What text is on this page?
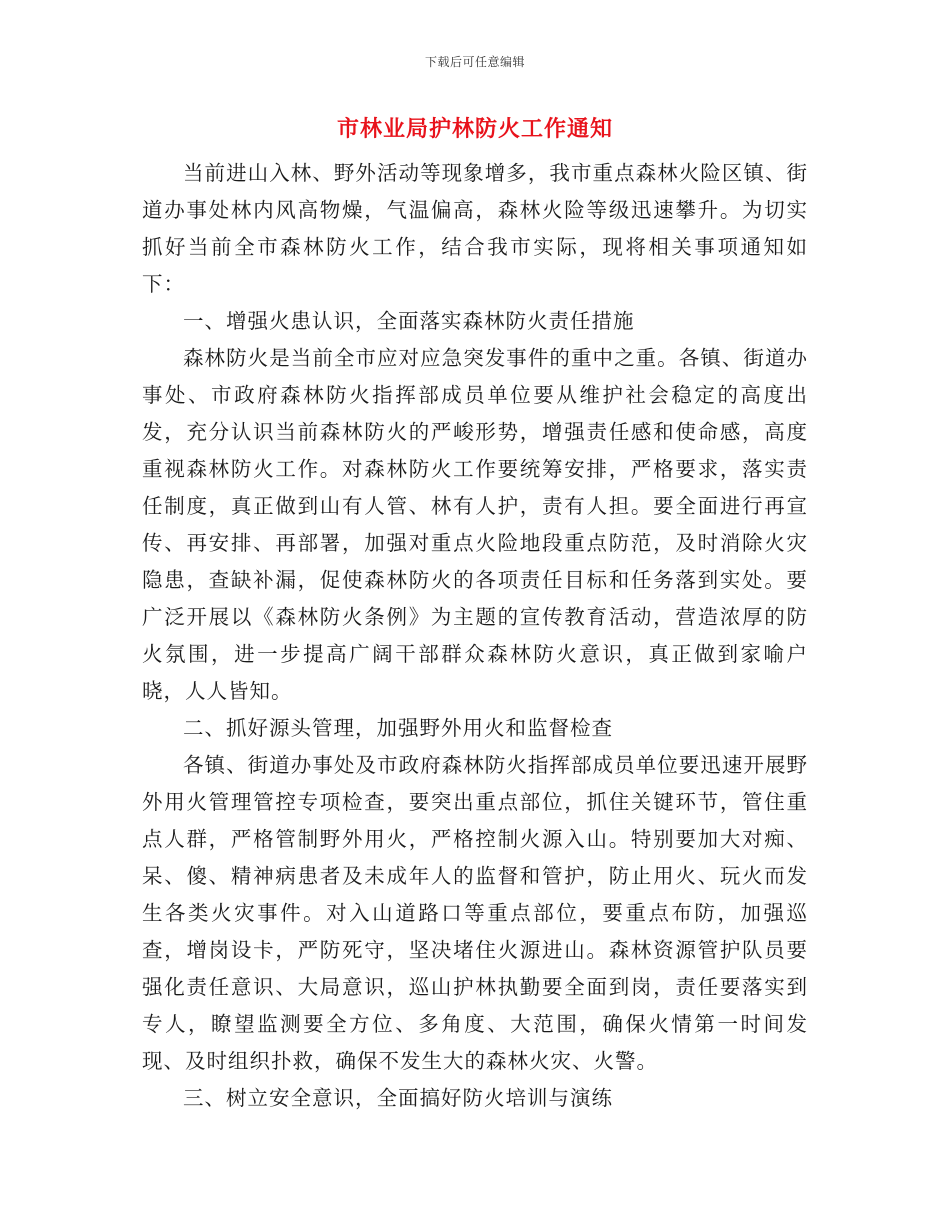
下载后可任意编辑
市林业局护林防火工作通知

当前进山入林、野外活动等现象增多，我市重点森林火险区镇、街道办事处林内风高物燥，气温偏高，森林火险等级迅速攀升。为切实抓好当前全市森林防火工作，结合我市实际，现将相关事项通知如下：

一、增强火患认识，全面落实森林防火责任措施

森林防火是当前全市应对应急突发事件的重中之重。各镇、街道办事处、市政府森林防火指挥部成员单位要从维护社会稳定的高度出发，充分认识当前森林防火的严峻形势，增强责任感和使命感，高度重视森林防火工作。对森林防火工作要统筹安排，严格要求，落实责任制度，真正做到山有人管、林有人护，责有人担。要全面进行再宣传、再安排、再部署，加强对重点火险地段重点防范，及时消除火灾隐患，查缺补漏，促使森林防火的各项责任目标和任务落到实处。要广泛开展以《森林防火条例》为主题的宣传教育活动，营造浓厚的防火氛围，进一步提高广阔干部群众森林防火意识，真正做到家喻户晓，人人皆知。

二、抓好源头管理，加强野外用火和监督检查

各镇、街道办事处及市政府森林防火指挥部成员单位要迅速开展野外用火管理管控专项检查，要突出重点部位，抓住关键环节，管住重点人群，严格管制野外用火，严格控制火源入山。特别要加大对痴、呆、傻、精神病患者及未成年人的监督和管护，防止用火、玩火而发生各类火灾事件。对入山道路口等重点部位，要重点布防，加强巡查，增岗设卡，严防死守，坚决堵住火源进山。森林资源管护队员要强化责任意识、大局意识，巡山护林执勤要全面到岗，责任要落实到专人，瞭望监测要全方位、多角度、大范围，确保火情第一时间发现、及时组织扑救，确保不发生大的森林火灾、火警。

三、树立安全意识，全面搞好防火培训与演练
